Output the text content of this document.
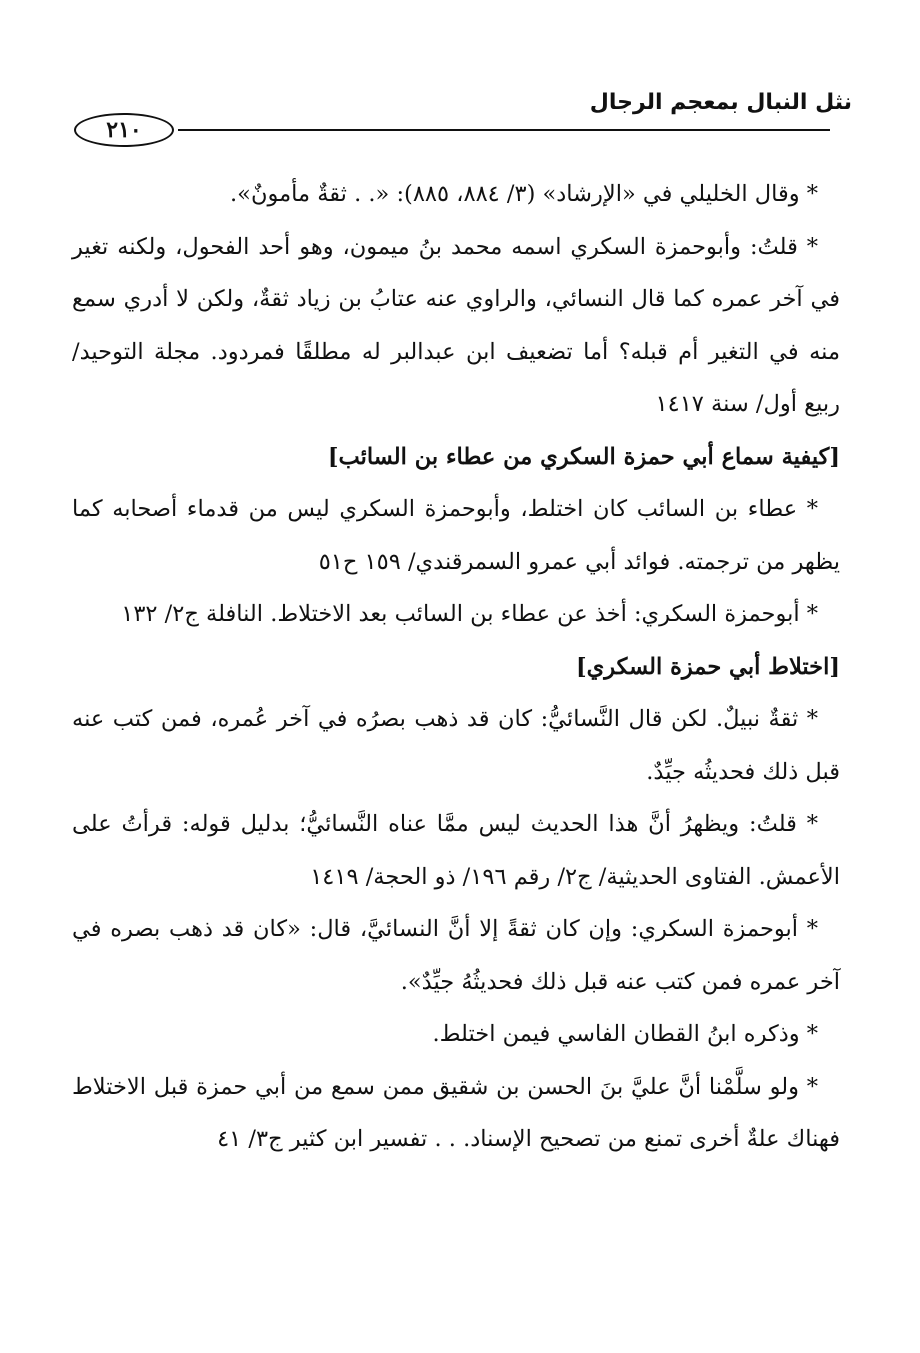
نثل النبال بمعجم الرجال
٢١٠

* وقال الخليلي في «الإرشاد» (٣/ ٨٨٤، ٨٨٥): «. . ثقةٌ مأمونٌ».

* قلتُ: وأبوحمزة السكري اسمه محمد بنُ ميمون، وهو أحد الفحول، ولكنه تغير في آخر عمره كما قال النسائي، والراوي عنه عتابُ بن زياد ثقةٌ، ولكن لا أدري سمع منه في التغير أم قبله؟ أما تضعيف ابن عبدالبر له مطلقًا فمردود. مجلة التوحيد/ ربيع أول/ سنة ١٤١٧

[كيفية سماع أبي حمزة السكري من عطاء بن السائب]

* عطاء بن السائب كان اختلط، وأبوحمزة السكري ليس من قدماء أصحابه كما يظهر من ترجمته. فوائد أبي عمرو السمرقندي/ ١٥٩ ح٥١

* أبوحمزة السكري: أخذ عن عطاء بن السائب بعد الاختلاط. النافلة ج٢/ ١٣٢

[اختلاط أبي حمزة السكري]

* ثقةٌ نبيلٌ. لكن قال النَّسائيُّ: كان قد ذهب بصرُه في آخر عُمره، فمن كتب عنه قبل ذلك فحديثُه جيِّدٌ.

* قلتُ: ويظهرُ أنَّ هذا الحديث ليس ممَّا عناه النَّسائيُّ؛ بدليل قوله: قرأتُ على الأعمش. الفتاوى الحديثية/ ج٢/ رقم ١٩٦/ ذو الحجة/ ١٤١٩

* أبوحمزة السكري: وإن كان ثقةً إلا أنَّ النسائيَّ، قال: «كان قد ذهب بصره في آخر عمره فمن كتب عنه قبل ذلك فحديثُهُ جيِّدٌ».

* وذكره ابنُ القطان الفاسي فيمن اختلط.

* ولو سلَّمْنا أنَّ عليَّ بنَ الحسن بن شقيق ممن سمع من أبي حمزة قبل الاختلاط فهناك علةٌ أخرى تمنع من تصحيح الإسناد. . . تفسير ابن كثير ج٣/ ٤١
